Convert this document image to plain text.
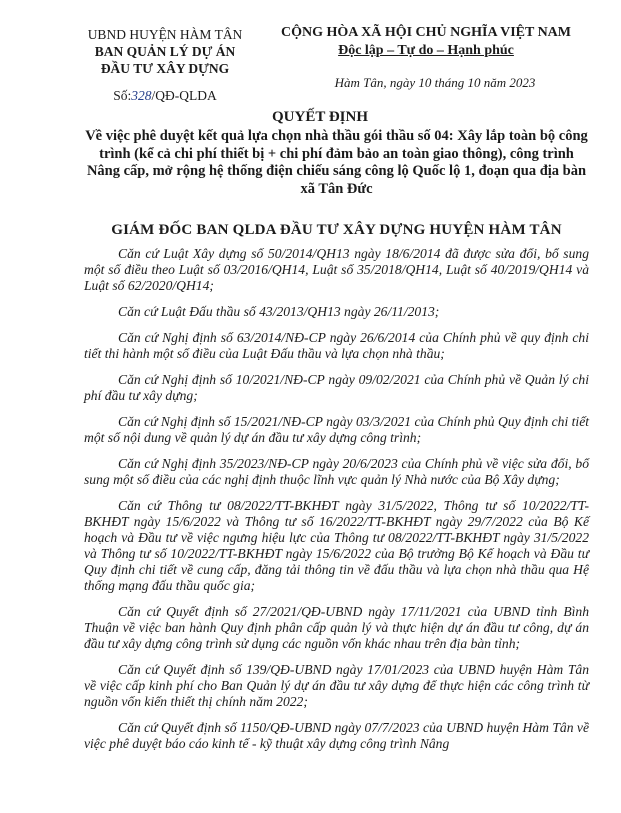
UBND HUYỆN HÀM TÂN
BAN QUẢN LÝ DỰ ÁN
ĐẦU TƯ XÂY DỰNG
Số:328/QĐ-QLDA
CỘNG HÒA XÃ HỘI CHỦ NGHĨA VIỆT NAM
Độc lập – Tự do – Hạnh phúc
Hàm Tân, ngày 10 tháng 10 năm 2023
QUYẾT ĐỊNH
Về việc phê duyệt kết quả lựa chọn nhà thầu gói thầu số 04: Xây lắp toàn bộ công trình (kể cả chi phí thiết bị + chi phí đảm bảo an toàn giao thông), công trình Nâng cấp, mở rộng hệ thống điện chiếu sáng công lộ Quốc lộ 1, đoạn qua địa bàn xã Tân Đức
GIÁM ĐỐC BAN QLDA ĐẦU TƯ XÂY DỰNG HUYỆN HÀM TÂN

Căn cứ Luật Xây dựng số 50/2014/QH13 ngày 18/6/2014 đã được sửa đổi, bổ sung một số điều theo Luật số 03/2016/QH14, Luật số 35/2018/QH14, Luật số 40/2019/QH14 và Luật số 62/2020/QH14;

Căn cứ Luật Đấu thầu số 43/2013/QH13 ngày 26/11/2013;

Căn cứ Nghị định số 63/2014/NĐ-CP ngày 26/6/2014 của Chính phủ về quy định chi tiết thi hành một số điều của Luật Đấu thầu và lựa chọn nhà thầu;

Căn cứ Nghị định số 10/2021/NĐ-CP ngày 09/02/2021 của Chính phủ về Quản lý chi phí đầu tư xây dựng;

Căn cứ Nghị định số 15/2021/NĐ-CP ngày 03/3/2021 của Chính phủ Quy định chi tiết một số nội dung về quản lý dự án đầu tư xây dựng công trình;

Căn cứ Nghị định 35/2023/NĐ-CP ngày 20/6/2023 của Chính phủ về việc sửa đổi, bổ sung một số điều của các nghị định thuộc lĩnh vực quản lý Nhà nước của Bộ Xây dựng;

Căn cứ Thông tư 08/2022/TT-BKHĐT ngày 31/5/2022, Thông tư số 10/2022/TT-BKHĐT ngày 15/6/2022 và Thông tư số 16/2022/TT-BKHĐT ngày 29/7/2022 của Bộ Kế hoạch và Đầu tư về việc ngưng hiệu lực của Thông tư 08/2022/TT-BKHĐT ngày 31/5/2022 và Thông tư số 10/2022/TT-BKHĐT ngày 15/6/2022 của Bộ trưởng Bộ Kế hoạch và Đầu tư Quy định chi tiết về cung cấp, đăng tải thông tin về đấu thầu và lựa chọn nhà thầu qua Hệ thống mạng đấu thầu quốc gia;

Căn cứ Quyết định số 27/2021/QĐ-UBND ngày 17/11/2021 của UBND tỉnh Bình Thuận về việc ban hành Quy định phân cấp quản lý và thực hiện dự án đầu tư công, dự án đầu tư xây dựng công trình sử dụng các nguồn vốn khác nhau trên địa bàn tỉnh;

Căn cứ Quyết định số 139/QĐ-UBND ngày 17/01/2023 của UBND huyện Hàm Tân về việc cấp kinh phí cho Ban Quản lý dự án đầu tư xây dựng để thực hiện các công trình từ nguồn vốn kiến thiết thị chính năm 2022;

Căn cứ Quyết định số 1150/QĐ-UBND ngày 07/7/2023 của UBND huyện Hàm Tân về việc phê duyệt báo cáo kinh tế - kỹ thuật xây dựng công trình Nâng
